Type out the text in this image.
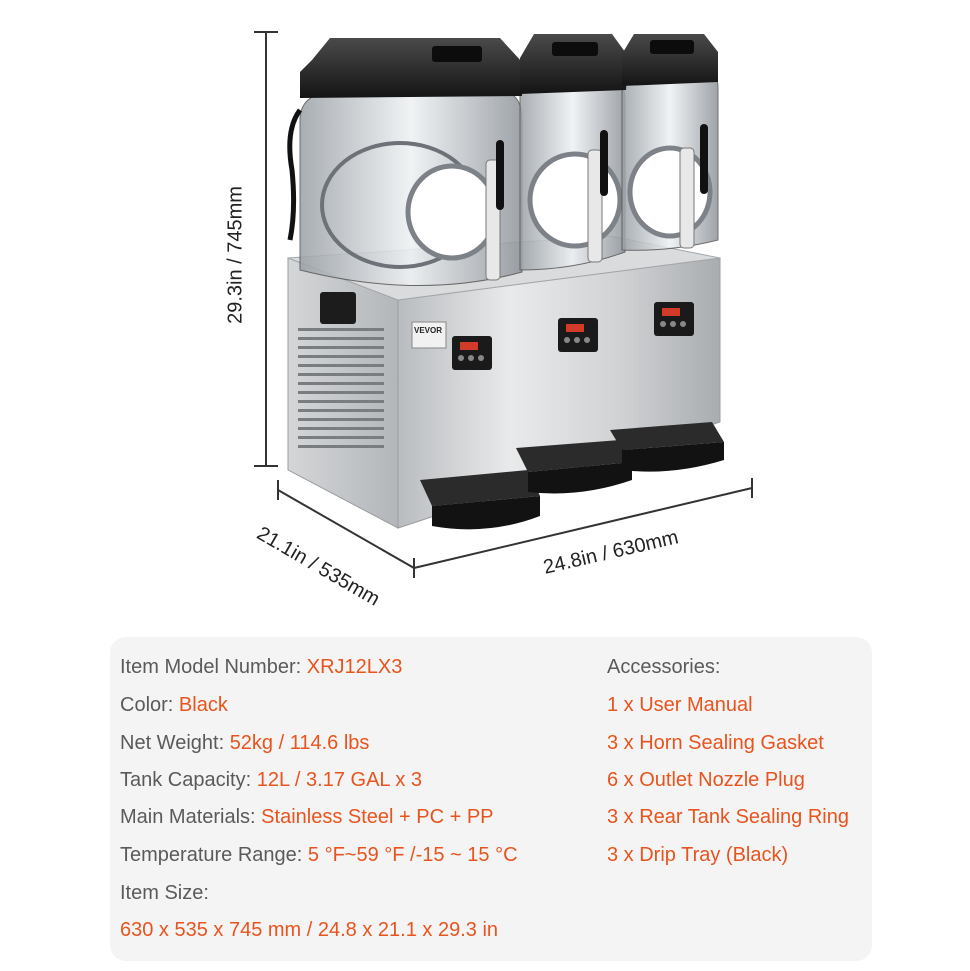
VEVOR
29.3in / 745mm
21.1in / 535mm	24.8in / 630mm
Item Model Number: XRJ12LX3
Color: Black
Net Weight: 52kg / 114.6 lbs
Tank Capacity: 12L / 3.17 GAL x 3
Main Materials: Stainless Steel + PC + PP
Temperature Range: 5 °F~59 °F /-15 ~ 15 °C
Item Size:
630 x 535 x 745 mm / 24.8 x 21.1 x 29.3 in
Accessories:
1 x User Manual
3 x Horn Sealing Gasket
6 x Outlet Nozzle Plug
3 x Rear Tank Sealing Ring
3 x Drip Tray (Black)
